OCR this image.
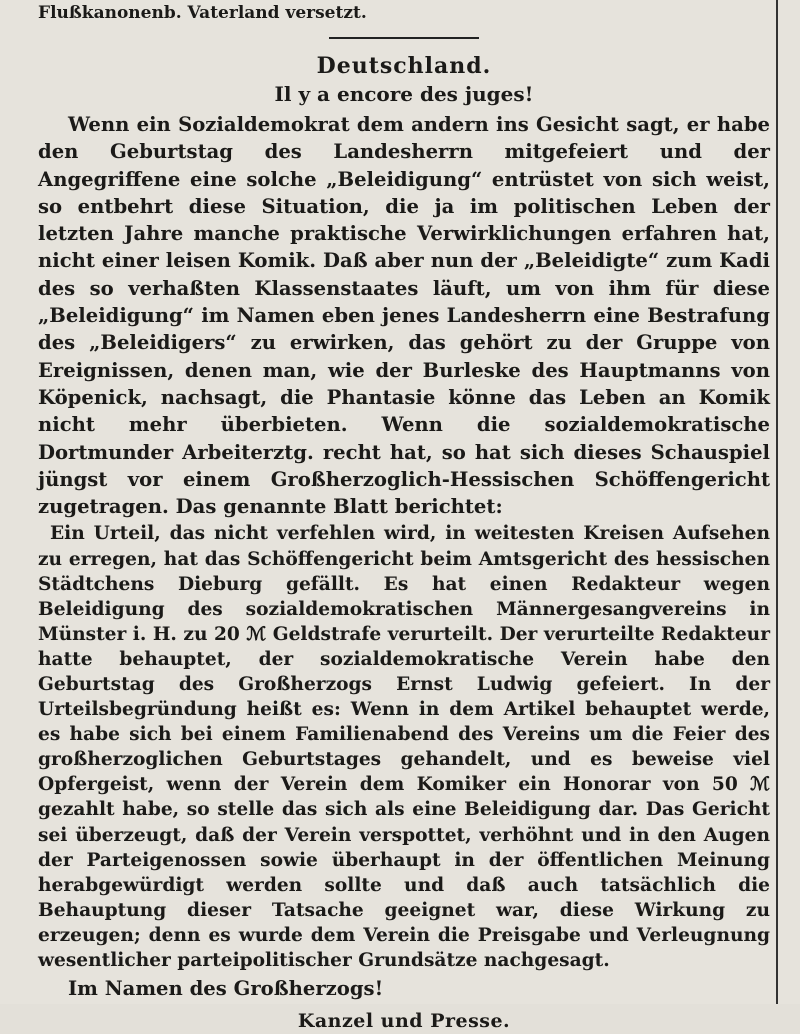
Flußkanonenb. Vaterland versetzt.
Deutschland.
Il y a encore des juges!

Wenn ein Sozialdemokrat dem andern ins Gesicht sagt, er habe den Geburtstag des Landesherrn mitgefeiert und der Angegriffene eine solche „Beleidigung“ entrüstet von sich weist, so entbehrt diese Situation, die ja im politischen Leben der letzten Jahre manche praktische Verwirklichungen erfahren hat, nicht einer leisen Komik. Daß aber nun der „Beleidigte“ zum Kadi des so verhaßten Klassenstaates läuft, um von ihm für diese „Beleidigung“ im Namen eben jenes Landesherrn eine Bestrafung des „Beleidigers“ zu erwirken, das gehört zu der Gruppe von Ereignissen, denen man, wie der Burleske des Hauptmanns von Köpenick, nachsagt, die Phantasie könne das Leben an Komik nicht mehr überbieten. Wenn die sozialdemokratische Dortmunder Arbeiterztg. recht hat, so hat sich dieses Schauspiel jüngst vor einem Großherzoglich-Hessischen Schöffengericht zugetragen. Das genannte Blatt berichtet:

Ein Urteil, das nicht verfehlen wird, in weitesten Kreisen Aufsehen zu erregen, hat das Schöffengericht beim Amtsgericht des hessischen Städtchens Dieburg gefällt. Es hat einen Redakteur wegen Beleidigung des sozialdemokratischen Männergesangvereins in Münster i. H. zu 20 ℳ Geldstrafe verurteilt. Der verurteilte Redakteur hatte behauptet, der sozialdemokratische Verein habe den Geburtstag des Großherzogs Ernst Ludwig gefeiert. In der Urteilsbegründung heißt es: Wenn in dem Artikel behauptet werde, es habe sich bei einem Familienabend des Vereins um die Feier des großherzoglichen Geburtstages gehandelt, und es beweise viel Opfergeist, wenn der Verein dem Komiker ein Honorar von 50 ℳ gezahlt habe, so stelle das sich als eine Beleidigung dar. Das Gericht sei überzeugt, daß der Verein verspottet, verhöhnt und in den Augen der Parteigenossen sowie überhaupt in der öffentlichen Meinung herabgewürdigt werden sollte und daß auch tatsächlich die Behauptung dieser Tatsache geeignet war, diese Wirkung zu erzeugen; denn es wurde dem Verein die Preisgabe und Verleugnung wesentlicher parteipolitischer Grundsätze nachgesagt.

Im Namen des Großherzogs!

Kanzel und Presse.
